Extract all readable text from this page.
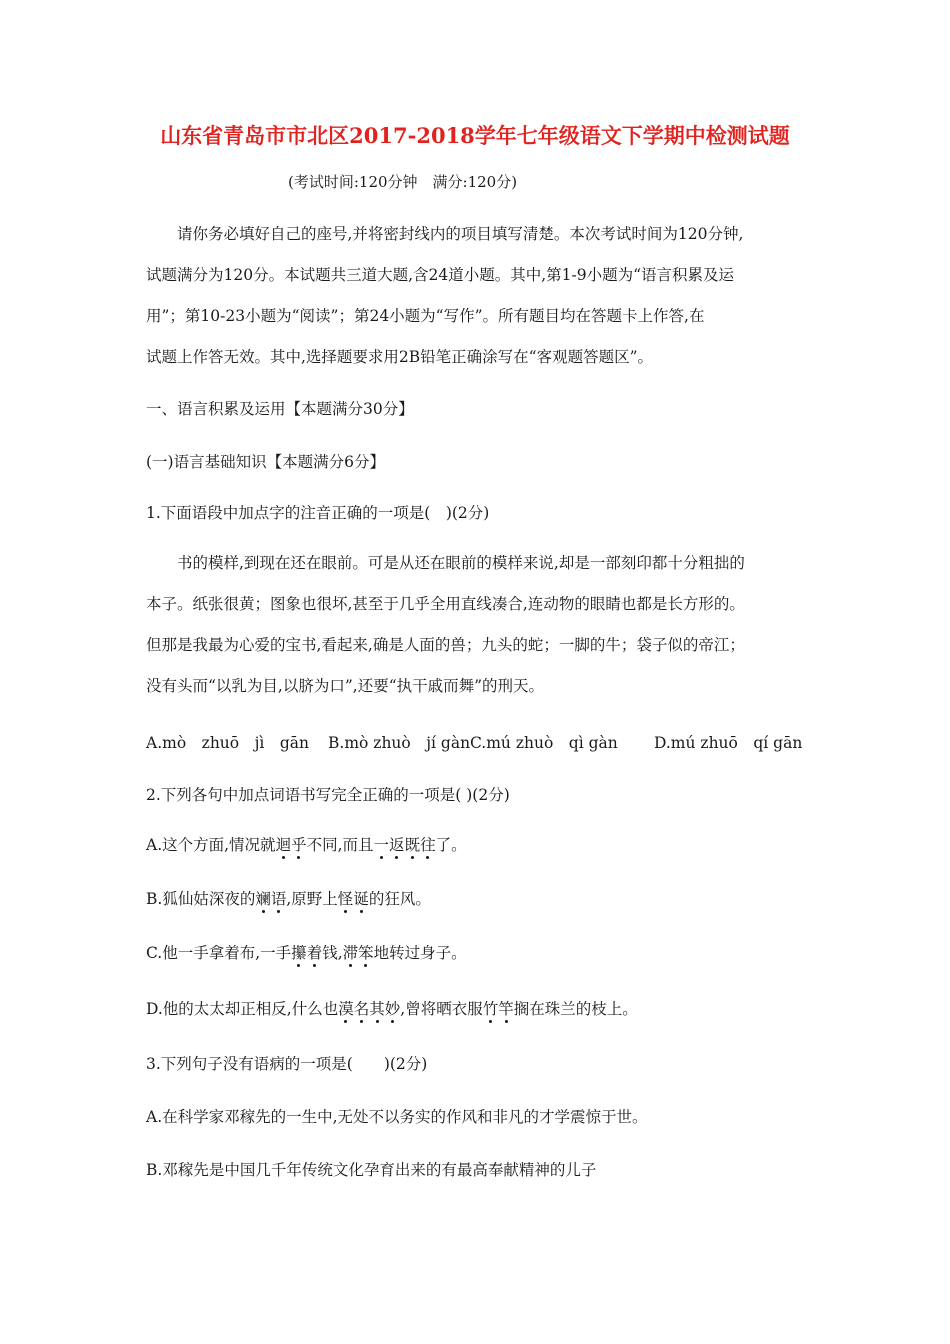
山东省青岛市市北区2017-2018学年七年级语文下学期中检测试题
(考试时间:120分钟　满分:120分)

请你务必填好自己的座号,并将密封线内的项目填写清楚。本次考试时间为120分钟,

试题满分为120分。本试题共三道大题,含24道小题。其中,第1-9小题为“语言积累及运

用”；第10-23小题为“阅读”；第24小题为“写作”。所有题目均在答题卡上作答,在

试题上作答无效。其中,选择题要求用2B铅笔正确涂写在“客观题答题区”。

一、语言积累及运用【本题满分30分】
(一)语言基础知识【本题满分6分】
1.下面语段中加点字的注音正确的一项是(　)(2分)

书的模样,到现在还在眼前。可是从还在眼前的模样来说,却是一部刻印都十分粗拙的

本子。纸张很黄；图象也很坏,甚至于几乎全用直线凑合,连动物的眼睛也都是长方形的。

但那是我最为心爱的宝书,看起来,确是人面的兽；九头的蛇；一脚的牛；袋子似的帝江；

没有头而“以乳为目,以脐为口”,还要“执干戚而舞”的刑天。

A.mò　zhuō　jì　gān B.mò zhuò　jí gànC.mú zhuò　qì gàn D.mú zhuō　qí gān
2.下列各句中加点词语书写完全正确的一项是( )(2分)
A.这个方面,情况就迴乎不同,而且一返既往了。
B.狐仙姑深夜的斓语,原野上怪诞的狂风。
C.他一手拿着布,一手攥着钱,滞笨地转过身子。
D.他的太太却正相反,什么也漠名其妙,曾将晒衣服竹竿搁在珠兰的枝上。
3.下列句子没有语病的一项是(　　)(2分)
A.在科学家邓稼先的一生中,无处不以务实的作风和非凡的才学震惊于世。
B.邓稼先是中国几千年传统文化孕育出来的有最高奉献精神的儿子
